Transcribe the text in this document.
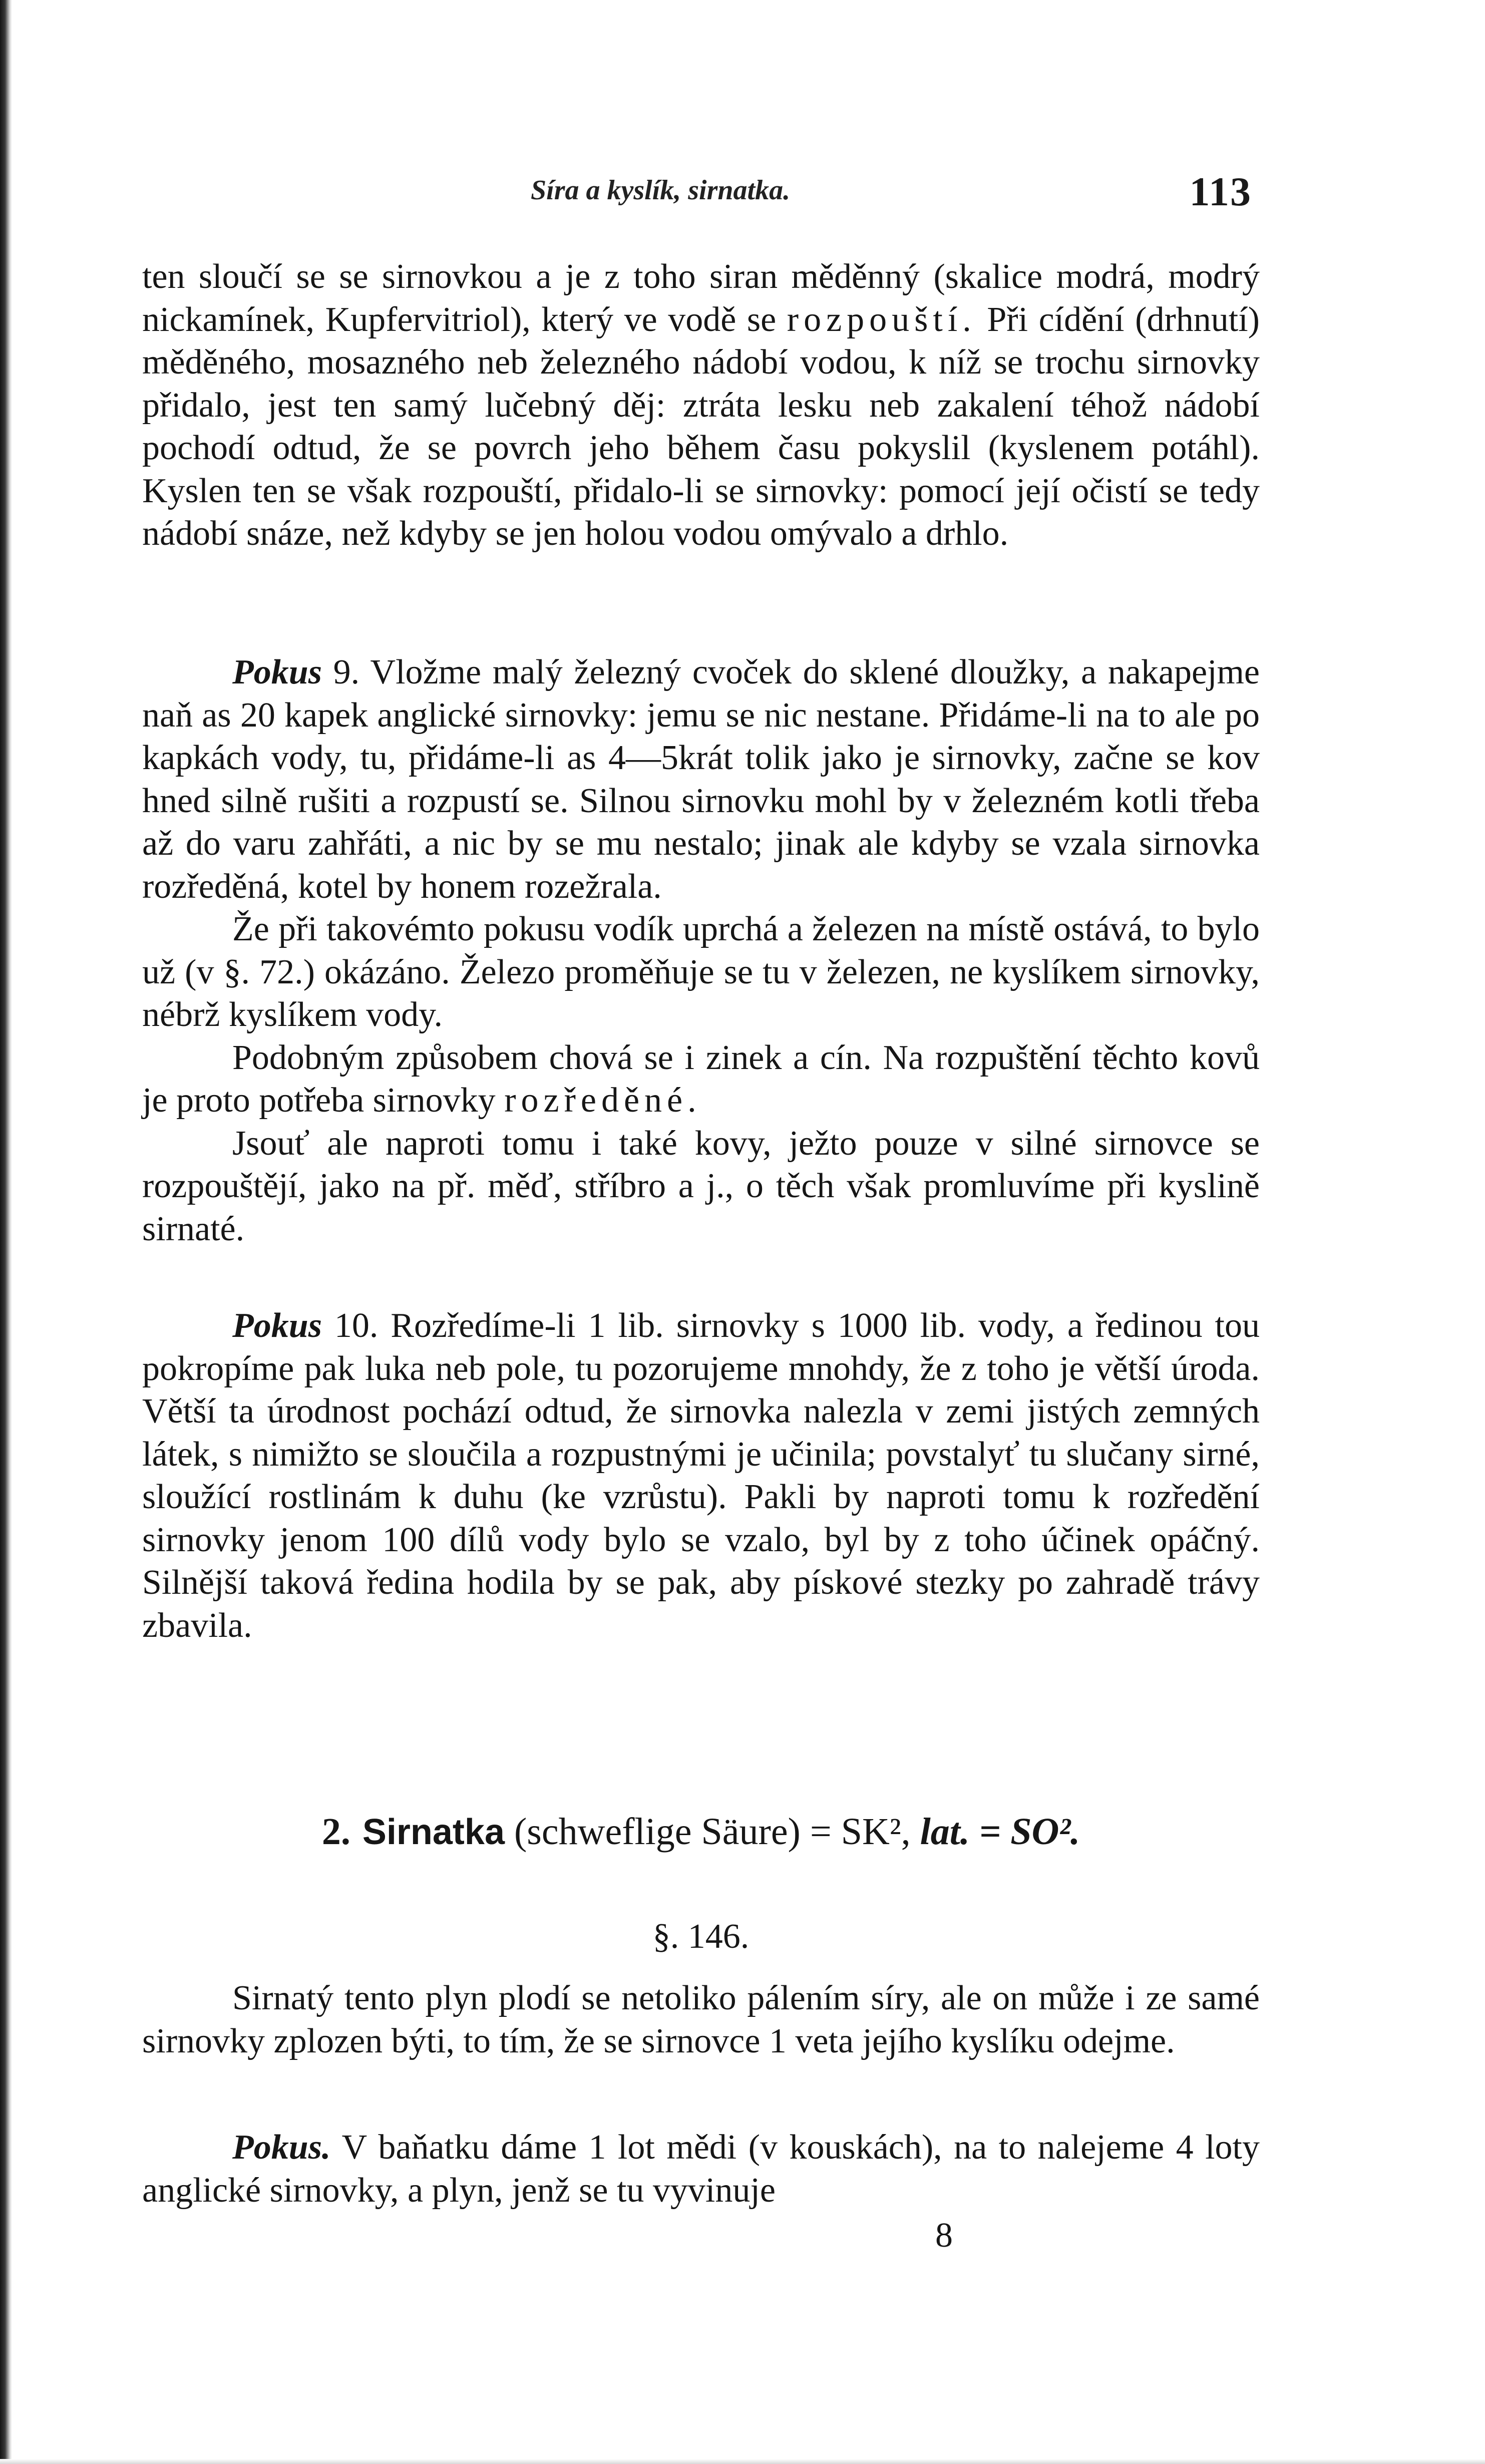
Síra a kyslík, sirnatka.	113

ten sloučí se se sirnovkou a je z toho siran měděnný (skalice modrá, modrý nickamínek, Kupfervitriol), který ve vodě se rozpouští. Při cídění (drhnutí) měděného, mosazného neb železného nádobí vodou, k níž se trochu sirnovky přidalo, jest ten samý lučebný děj: ztráta lesku neb zakalení téhož nádobí pochodí odtud, že se povrch jeho během času pokyslil (kyslenem potáhl). Kyslen ten se však rozpouští, přidalo-li se sirnovky: pomocí její očistí se tedy nádobí snáze, než kdyby se jen holou vodou omývalo a drhlo.

Pokus 9. Vložme malý železný cvoček do sklené dloužky, a nakapejme naň as 20 kapek anglické sirnovky: jemu se nic nestane. Přidáme-li na to ale po kapkách vody, tu, přidáme-li as 4—5krát tolik jako je sirnovky, začne se kov hned silně rušiti a rozpustí se. Silnou sirnovku mohl by v železném kotli třeba až do varu zahřáti, a nic by se mu nestalo; jinak ale kdyby se vzala sirnovka rozředěná, kotel by honem rozežrala.

Že při takovémto pokusu vodík uprchá a železen na místě ostává, to bylo už (v §. 72.) okázáno. Železo proměňuje se tu v železen, ne kyslíkem sirnovky, nébrž kyslíkem vody.

Podobným způsobem chová se i zinek a cín. Na rozpuštění těchto kovů je proto potřeba sirnovky rozředěné.

Jsouť ale naproti tomu i také kovy, ježto pouze v silné sirnovce se rozpouštějí, jako na př. měď, stříbro a j., o těch však promluvíme při kyslině sirnaté.

Pokus 10. Rozředíme-li 1 lib. sirnovky s 1000 lib. vody, a ředinou tou pokropíme pak luka neb pole, tu pozorujeme mnohdy, že z toho je větší úroda. Větší ta úrodnost pochází odtud, že sirnovka nalezla v zemi jistých zemných látek, s nimižto se sloučila a rozpustnými je učinila; povstalyť tu slučany sirné, sloužící rostlinám k duhu (ke vzrůstu). Pakli by naproti tomu k rozředění sirnovky jenom 100 dílů vody bylo se vzalo, byl by z toho účinek opáčný. Silnější taková ředina hodila by se pak, aby pískové stezky po zahradě trávy zbavila.

2. Sirnatka (schweflige Säure) = SK², lat. = SO².
§. 146.

Sirnatý tento plyn plodí se netoliko pálením síry, ale on může i ze samé sirnovky zplozen býti, to tím, že se sirnovce 1 veta jejího kyslíku odejme.

Pokus. V baňatku dáme 1 lot mědi (v kouskách), na to nalejeme 4 loty anglické sirnovky, a plyn, jenž se tu vyvinuje

8
